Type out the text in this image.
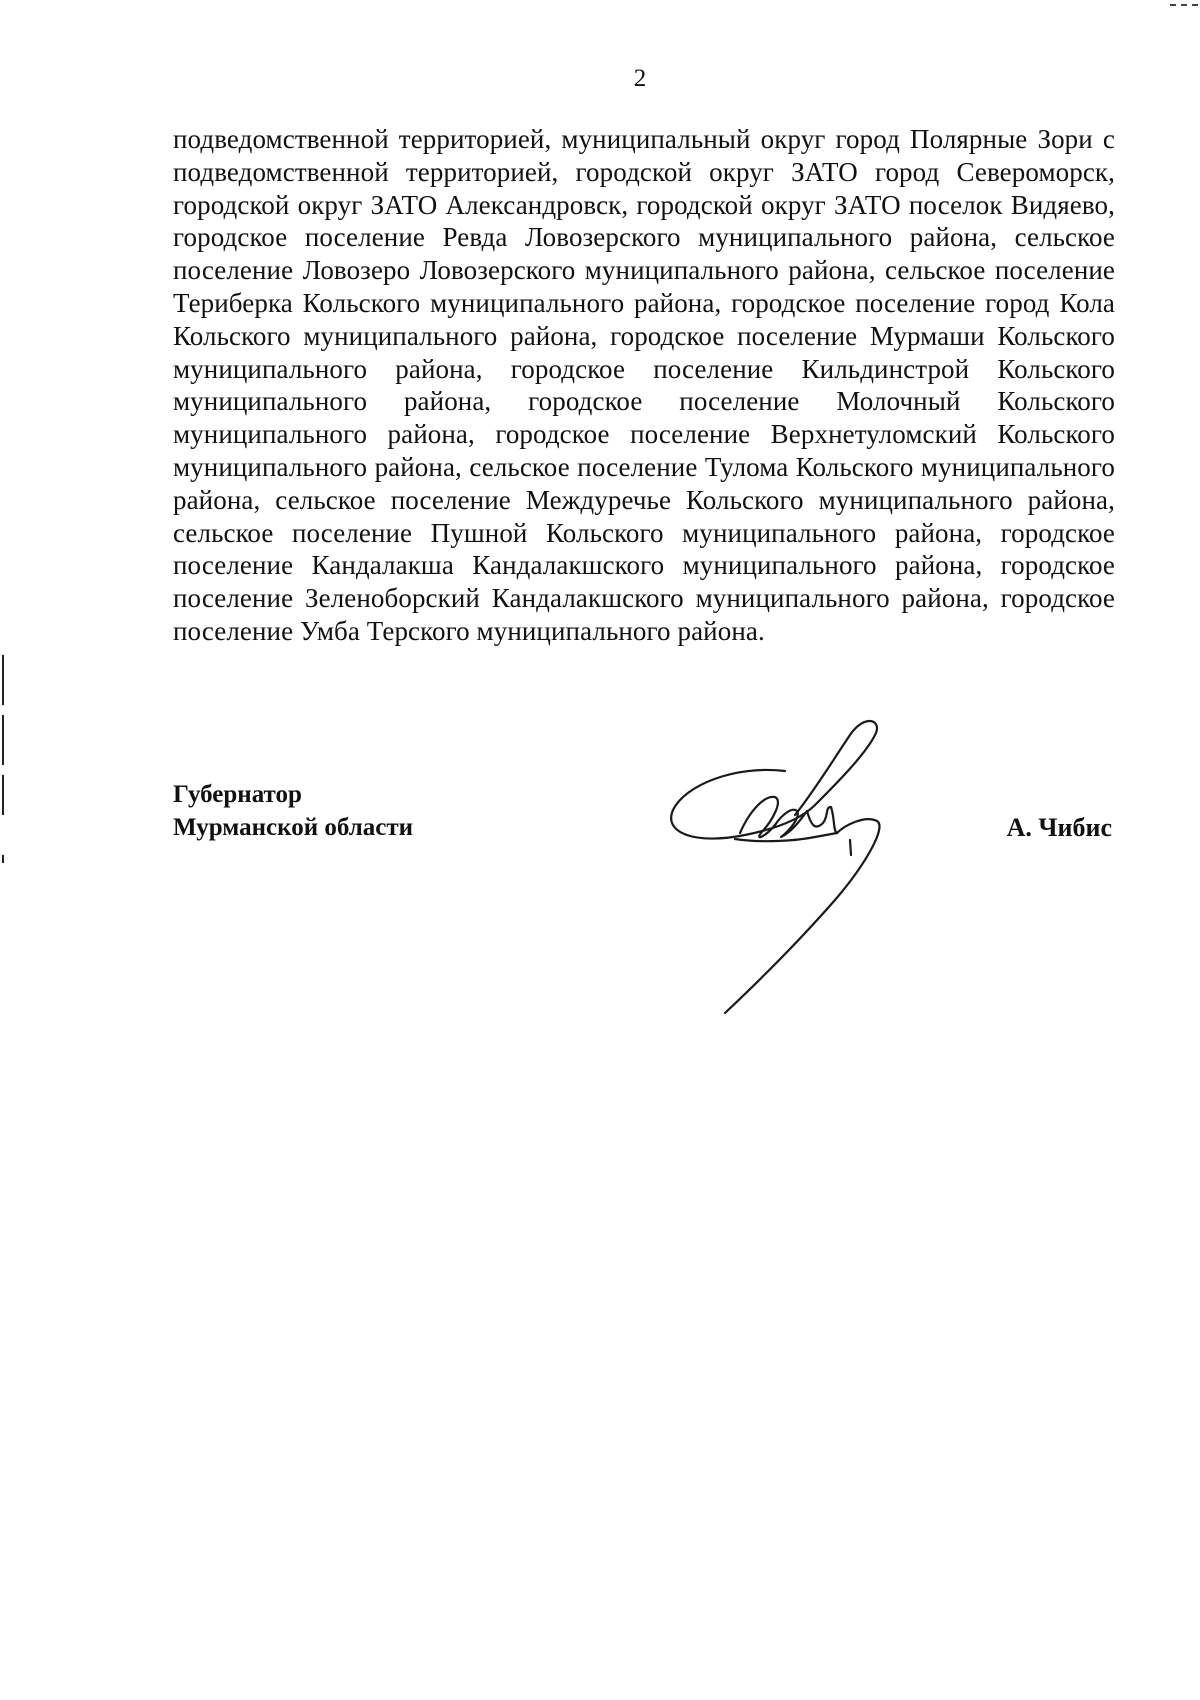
2

подведомственной территорией, муниципальный округ город Полярные Зори с подведомственной территорией, городской округ ЗАТО город Североморск, городской округ ЗАТО Александровск, городской округ ЗАТО поселок Видяево, городское поселение Ревда Ловозерского муниципального района, сельское поселение Ловозеро Ловозерского муниципального района, сельское поселение Териберка Кольского муниципального района, городское поселение город Кола Кольского муниципального района, городское поселение Мурмаши Кольского муниципального района, городское поселение Кильдинстрой Кольского муниципального района, городское поселение Молочный Кольского муниципального района, городское поселение Верхнетуломский Кольского муниципального района, сельское поселение Тулома Кольского муниципального района, сельское поселение Междуречье Кольского муниципального района, сельское поселение Пушной Кольского муниципального района, городское поселение Кандалакша Кандалакшского муниципального района, городское поселение Зеленоборский Кандалакшского муниципального района, городское поселение Умба Терского муниципального района.

Губернатор
Мурманской области	А. Чибис
